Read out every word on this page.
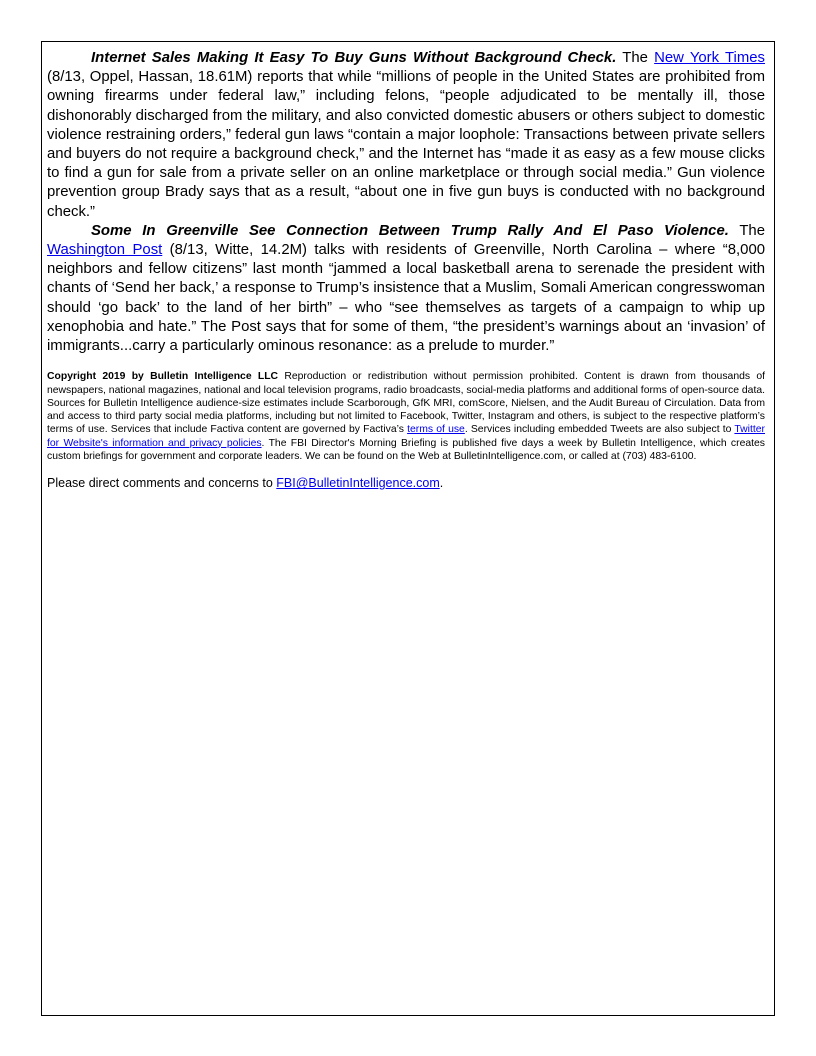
Internet Sales Making It Easy To Buy Guns Without Background Check. The New York Times (8/13, Oppel, Hassan, 18.61M) reports that while “millions of people in the United States are prohibited from owning firearms under federal law,” including felons, “people adjudicated to be mentally ill, those dishonorably discharged from the military, and also convicted domestic abusers or others subject to domestic violence restraining orders,” federal gun laws “contain a major loophole: Transactions between private sellers and buyers do not require a background check,” and the Internet has “made it as easy as a few mouse clicks to find a gun for sale from a private seller on an online marketplace or through social media.” Gun violence prevention group Brady says that as a result, “about one in five gun buys is conducted with no background check.”

Some In Greenville See Connection Between Trump Rally And El Paso Violence. The Washington Post (8/13, Witte, 14.2M) talks with residents of Greenville, North Carolina – where “8,000 neighbors and fellow citizens” last month “jammed a local basketball arena to serenade the president with chants of ‘Send her back,’ a response to Trump’s insistence that a Muslim, Somali American congresswoman should ‘go back’ to the land of her birth” – who “see themselves as targets of a campaign to whip up xenophobia and hate.” The Post says that for some of them, “the president’s warnings about an ‘invasion’ of immigrants...carry a particularly ominous resonance: as a prelude to murder.”

Copyright 2019 by Bulletin Intelligence LLC Reproduction or redistribution without permission prohibited. Content is drawn from thousands of newspapers, national magazines, national and local television programs, radio broadcasts, social-media platforms and additional forms of open-source data. Sources for Bulletin Intelligence audience-size estimates include Scarborough, GfK MRI, comScore, Nielsen, and the Audit Bureau of Circulation. Data from and access to third party social media platforms, including but not limited to Facebook, Twitter, Instagram and others, is subject to the respective platform’s terms of use. Services that include Factiva content are governed by Factiva’s terms of use. Services including embedded Tweets are also subject to Twitter for Website's information and privacy policies. The FBI Director's Morning Briefing is published five days a week by Bulletin Intelligence, which creates custom briefings for government and corporate leaders. We can be found on the Web at BulletinIntelligence.com, or called at (703) 483-6100.

Please direct comments and concerns to FBI@BulletinIntelligence.com.
